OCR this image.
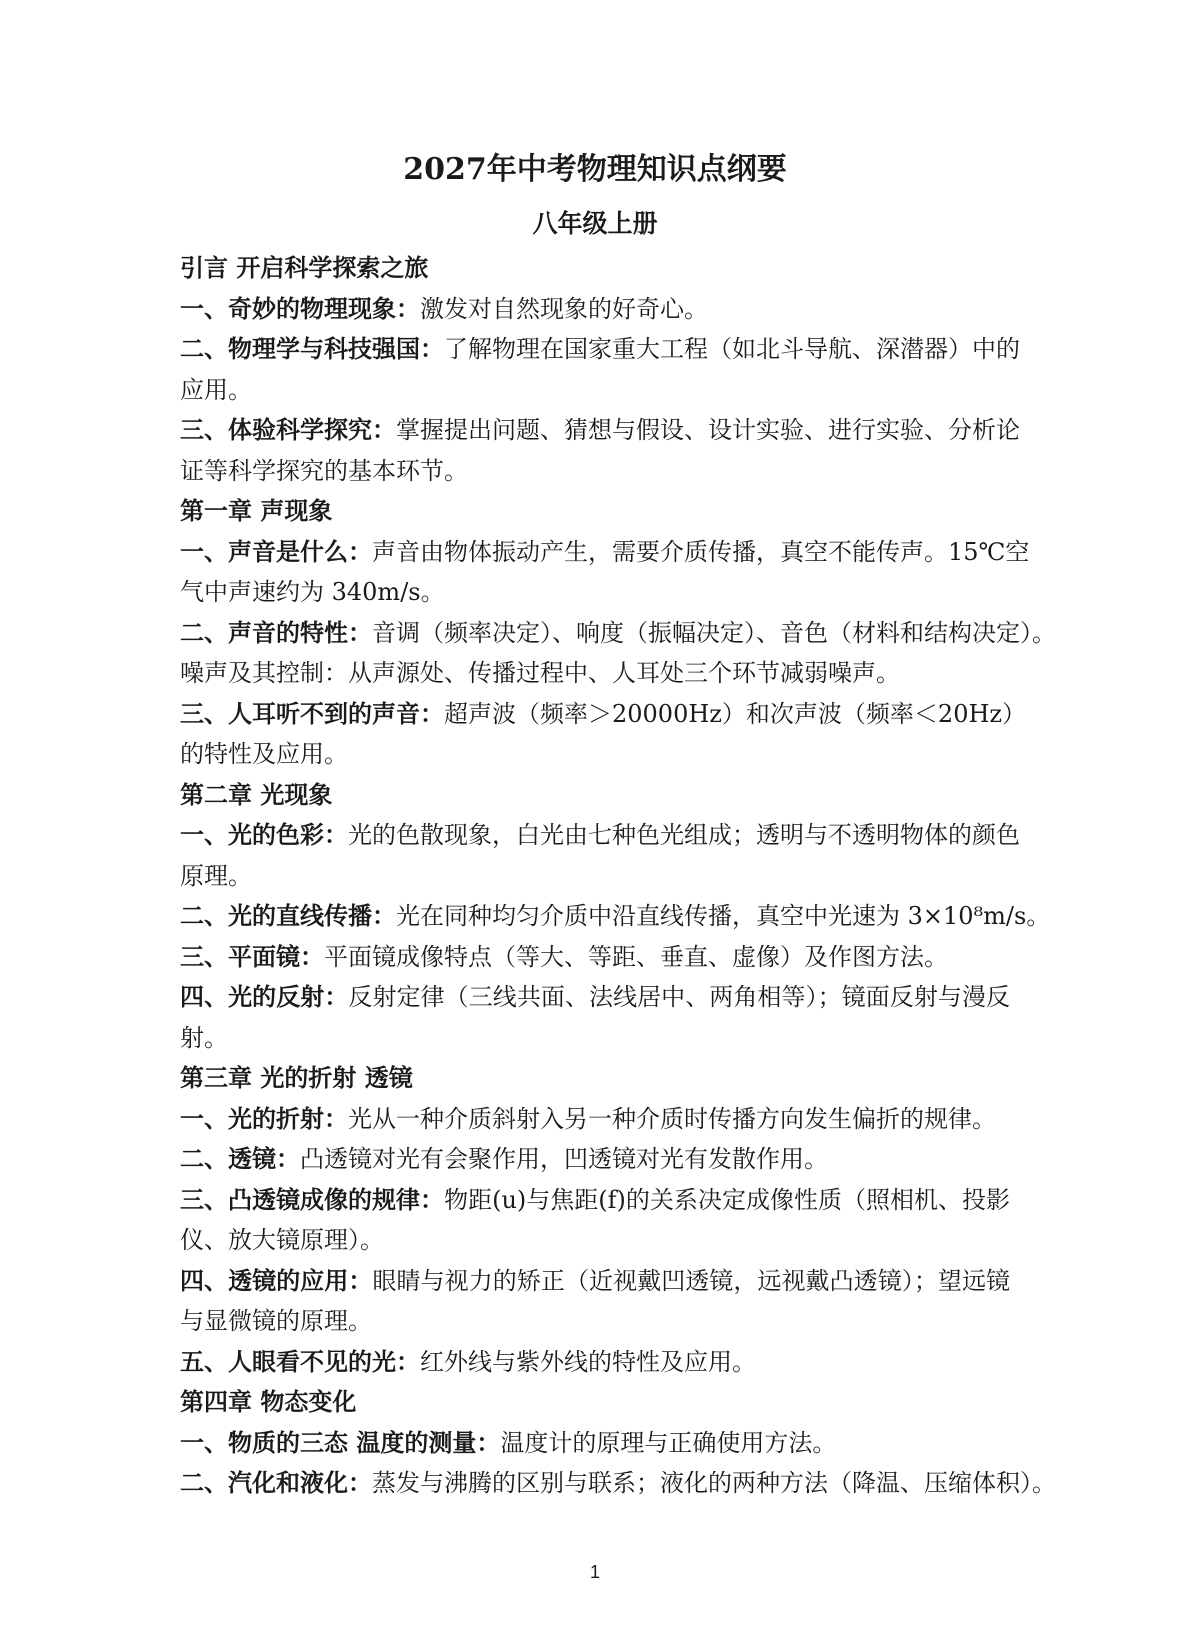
2027年中考物理知识点纲要
八年级上册
引言 开启科学探索之旅
一、奇妙的物理现象：激发对自然现象的好奇心。
二、物理学与科技强国：了解物理在国家重大工程（如北斗导航、深潜器）中的
应用。
三、体验科学探究：掌握提出问题、猜想与假设、设计实验、进行实验、分析论
证等科学探究的基本环节。
第一章 声现象
一、声音是什么：声音由物体振动产生，需要介质传播，真空不能传声。15℃空
气中声速约为 340m/s。
二、声音的特性：音调（频率决定）、响度（振幅决定）、音色（材料和结构决定）。
噪声及其控制：从声源处、传播过程中、人耳处三个环节减弱噪声。
三、人耳听不到的声音：超声波（频率＞20000Hz）和次声波（频率＜20Hz）
的特性及应用。
第二章 光现象
一、光的色彩：光的色散现象，白光由七种色光组成；透明与不透明物体的颜色
原理。
二、光的直线传播：光在同种均匀介质中沿直线传播，真空中光速为 3×10⁸m/s。
三、平面镜：平面镜成像特点（等大、等距、垂直、虚像）及作图方法。
四、光的反射：反射定律（三线共面、法线居中、两角相等）；镜面反射与漫反
射。
第三章 光的折射 透镜
一、光的折射：光从一种介质斜射入另一种介质时传播方向发生偏折的规律。
二、透镜：凸透镜对光有会聚作用，凹透镜对光有发散作用。
三、凸透镜成像的规律：物距(u)与焦距(f)的关系决定成像性质（照相机、投影
仪、放大镜原理）。
四、透镜的应用：眼睛与视力的矫正（近视戴凹透镜，远视戴凸透镜）；望远镜
与显微镜的原理。
五、人眼看不见的光：红外线与紫外线的特性及应用。
第四章 物态变化
一、物质的三态 温度的测量：温度计的原理与正确使用方法。
二、汽化和液化：蒸发与沸腾的区别与联系；液化的两种方法（降温、压缩体积）。
1
